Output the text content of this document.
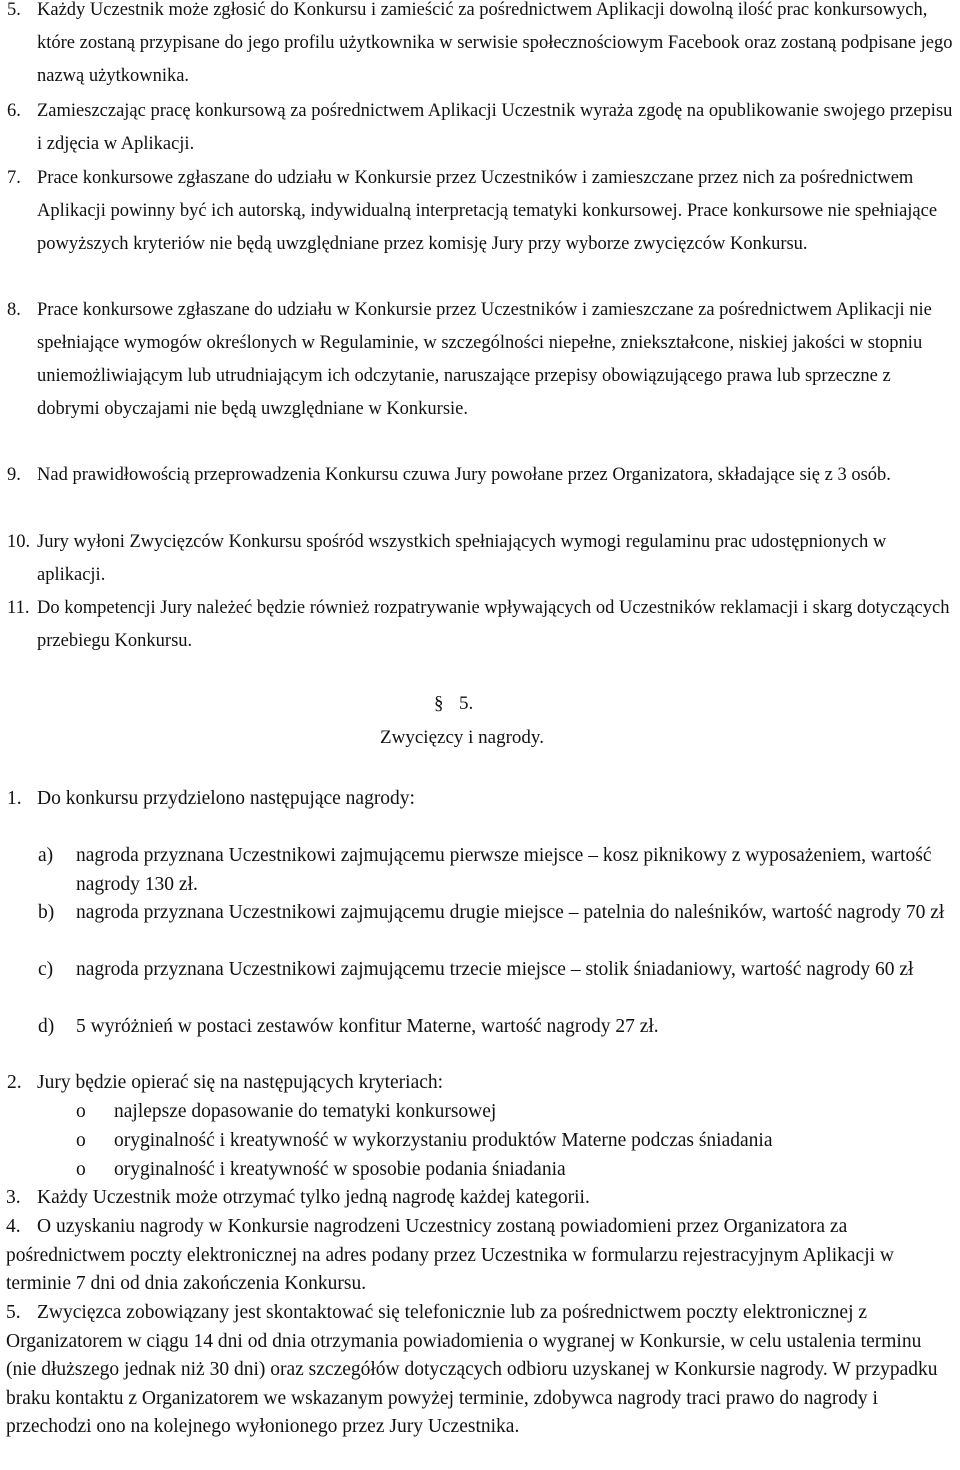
5. Każdy Uczestnik może zgłosić do Konkursu i zamieścić za pośrednictwem Aplikacji dowolną ilość prac konkursowych, które zostaną przypisane do jego profilu użytkownika w serwisie społecznościowym Facebook oraz zostaną podpisane jego nazwą użytkownika.
6. Zamieszczając pracę konkursową za pośrednictwem Aplikacji Uczestnik wyraża zgodę na opublikowanie swojego przepisu i zdjęcia w Aplikacji.
7. Prace konkursowe zgłaszane do udziału w Konkursie przez Uczestników i zamieszczane przez nich za pośrednictwem Aplikacji powinny być ich autorską, indywidualną interpretacją tematyki konkursowej. Prace konkursowe nie spełniające powyższych kryteriów nie będą uwzględniane przez komisję Jury przy wyborze zwycięzców Konkursu.
8. Prace konkursowe zgłaszane do udziału w Konkursie przez Uczestników i zamieszczane za pośrednictwem Aplikacji nie spełniające wymogów określonych w Regulaminie, w szczególności niepełne, zniekształcone, niskiej jakości w stopniu uniemożliwiającym lub utrudniającym ich odczytanie, naruszające przepisy obowiązującego prawa lub sprzeczne z dobrymi obyczajami nie będą uwzględniane w Konkursie.
9. Nad prawidłowością przeprowadzenia Konkursu czuwa Jury powołane przez Organizatora, składające się z 3 osób.
10. Jury wyłoni Zwycięzców Konkursu spośród wszystkich spełniających wymogi regulaminu prac udostępnionych w aplikacji.
11. Do kompetencji Jury należeć będzie również rozpatrywanie wpływających od Uczestników reklamacji i skarg dotyczących przebiegu Konkursu.
§ 5.
Zwycięzcy i nagrody.
1. Do konkursu przydzielono następujące nagrody:
a) nagroda przyznana Uczestnikowi zajmującemu pierwsze miejsce – kosz piknikowy z wyposażeniem, wartość nagrody 130 zł.
b) nagroda przyznana Uczestnikowi zajmującemu drugie miejsce – patelnia do naleśników, wartość nagrody 70 zł
c) nagroda przyznana Uczestnikowi zajmującemu trzecie miejsce – stolik śniadaniowy, wartość nagrody 60 zł
d) 5 wyróżnień w postaci zestawów konfitur Materne, wartość nagrody 27 zł.
2. Jury będzie opierać się na następujących kryteriach:
o najlepsze dopasowanie do tematyki konkursowej
o oryginalność i kreatywność w wykorzystaniu produktów Materne podczas śniadania
o oryginalność i kreatywność w sposobie podania śniadania
3. Każdy Uczestnik może otrzymać tylko jedną nagrodę każdej kategorii.
4. O uzyskaniu nagrody w Konkursie nagrodzeni Uczestnicy zostaną powiadomieni przez Organizatora za pośrednictwem poczty elektronicznej na adres podany przez Uczestnika w formularzu rejestracyjnym Aplikacji w terminie 7 dni od dnia zakończenia Konkursu.
5. Zwycięzca zobowiązany jest skontaktować się telefonicznie lub za pośrednictwem poczty elektronicznej z Organizatorem w ciągu 14 dni od dnia otrzymania powiadomienia o wygranej w Konkursie, w celu ustalenia terminu (nie dłuższego jednak niż 30 dni) oraz szczegółów dotyczących odbioru uzyskanej w Konkursie nagrody. W przypadku braku kontaktu z Organizatorem we wskazanym powyżej terminie, zdobywca nagrody traci prawo do nagrody i przechodzi ono na kolejnego wyłonionego przez Jury Uczestnika.
